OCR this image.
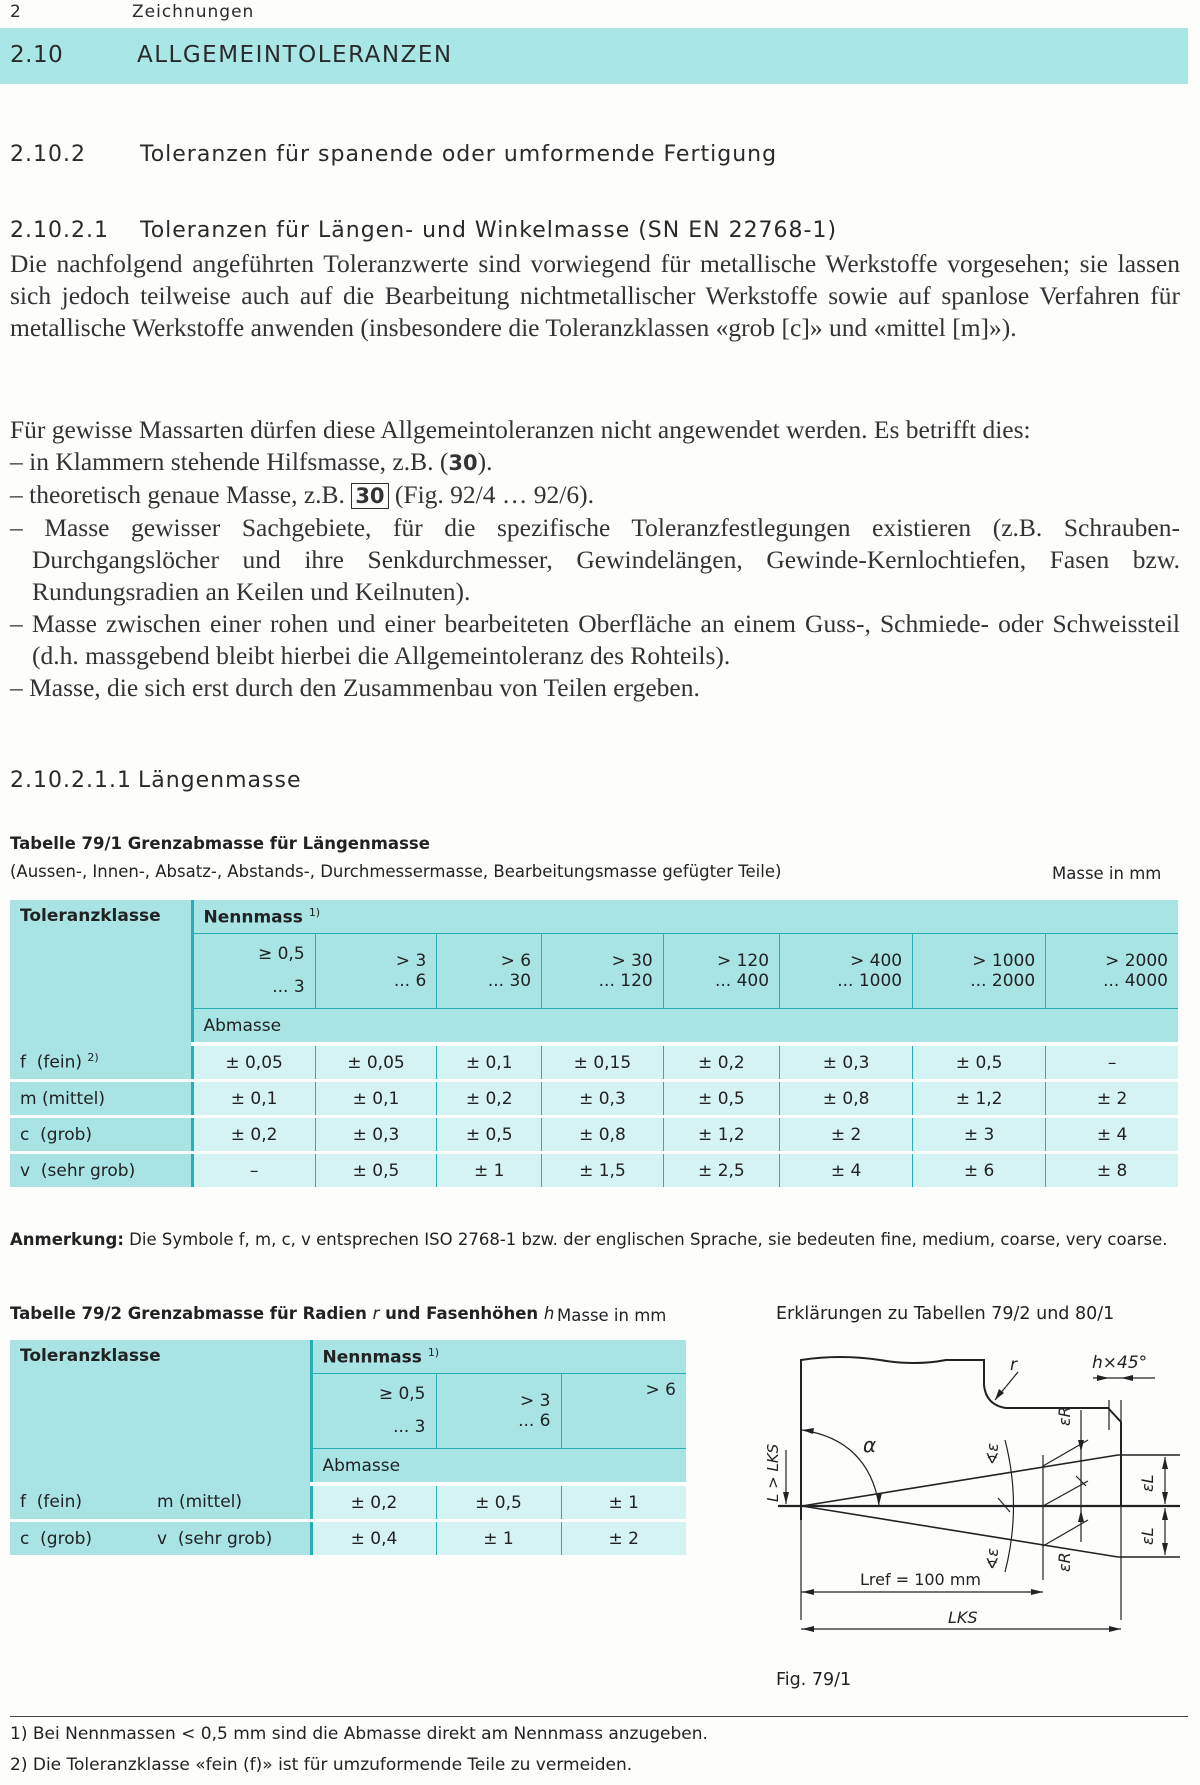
2	Zeichnungen
2.10	ALLGEMEINTOLERANZEN
2.10.2 Toleranzen für spanende oder umformende Fertigung
2.10.2.1 Toleranzen für Längen- und Winkelmasse (SN EN 22768-1)

Die nachfolgend angeführten Toleranzwerte sind vorwiegend für metallische Werkstoffe vorgesehen; sie lassen sich jedoch teilweise auch auf die Bearbeitung nichtmetallischer Werkstoffe sowie auf spanlose Verfahren für metallische Werkstoffe anwenden (insbesondere die Toleranzklassen «grob [c]» und «mittel [m]»).

Für gewisse Massarten dürfen diese Allgemeintoleranzen nicht angewendet werden. Es betrifft dies:

– in Klammern stehende Hilfsmasse, z.B. (30).
– theoretisch genaue Masse, z.B. 30 (Fig. 92/4 … 92/6).
– Masse gewisser Sachgebiete, für die spezifische Toleranzfestlegungen existieren (z.B. Schrauben-Durchgangslöcher und ihre Senkdurchmesser, Gewindelängen, Gewinde-Kernlochtiefen, Fasen bzw. Rundungsradien an Keilen und Keilnuten).
– Masse zwischen einer rohen und einer bearbeiteten Oberfläche an einem Guss-, Schmiede- oder Schweissteil (d.h. massgebend bleibt hierbei die Allgemeintoleranz des Rohteils).
– Masse, die sich erst durch den Zusammenbau von Teilen ergeben.
2.10.2.1.1 Längenmasse
Tabelle 79/1 Grenzabmasse für Längenmasse
(Aussen-, Innen-, Absatz-, Abstands-, Durchmessermasse, Bearbeitungsmasse gefügter Teile)	Masse in mm
Toleranzklasse	Nennmass $^{1)}$

≥ 0,5
... 3

> 3
... 6

> 6
... 30

> 30
... 120

> 120
... 400

> 400
... 1000

> 1000
... 2000

> 2000
... 4000

	Abmasse							
f  (fein) $^{2)}$	± 0,05	± 0,05	± 0,1	± 0,15	± 0,2	± 0,3	± 0,5	–
m (mittel)	± 0,1	± 0,1	± 0,2	± 0,3	± 0,5	± 0,8	± 1,2	± 2
c  (grob)	± 0,2	± 0,3	± 0,5	± 0,8	± 1,2	± 2	± 3	± 4
v  (sehr grob)	–	± 0,5	± 1	± 1,5	± 2,5	± 4	± 6	± 8
Anmerkung: Die Symbole f, m, c, v entsprechen ISO 2768-1 bzw. der englischen Sprache, sie bedeuten fine, medium, coarse, very coarse.
Tabelle 79/2 Grenzabmasse für Radien r und Fasenhöhen h Masse in mm
Toleranzklasse		Nennmass $^{1)}$

≥ 0,5
... 3

> 3
... 6

> 6

		Abmasse		
f  (fein)	m (mittel)	± 0,2	± 0,5	± 1
c  (grob)	v  (sehr grob)	± 0,4	± 1	± 2
Erklärungen zu Tabellen 79/2 und 80/1
h×45°
r
α
εR
εR
εL
εL
∢ε
∢ε
L > LKS
Lref = 100 mm
LKS
Fig. 79/1
1) Bei Nennmassen < 0,5 mm sind die Abmasse direkt am Nennmass anzugeben.
2) Die Toleranzklasse «fein (f)» ist für umzuformende Teile zu vermeiden.
